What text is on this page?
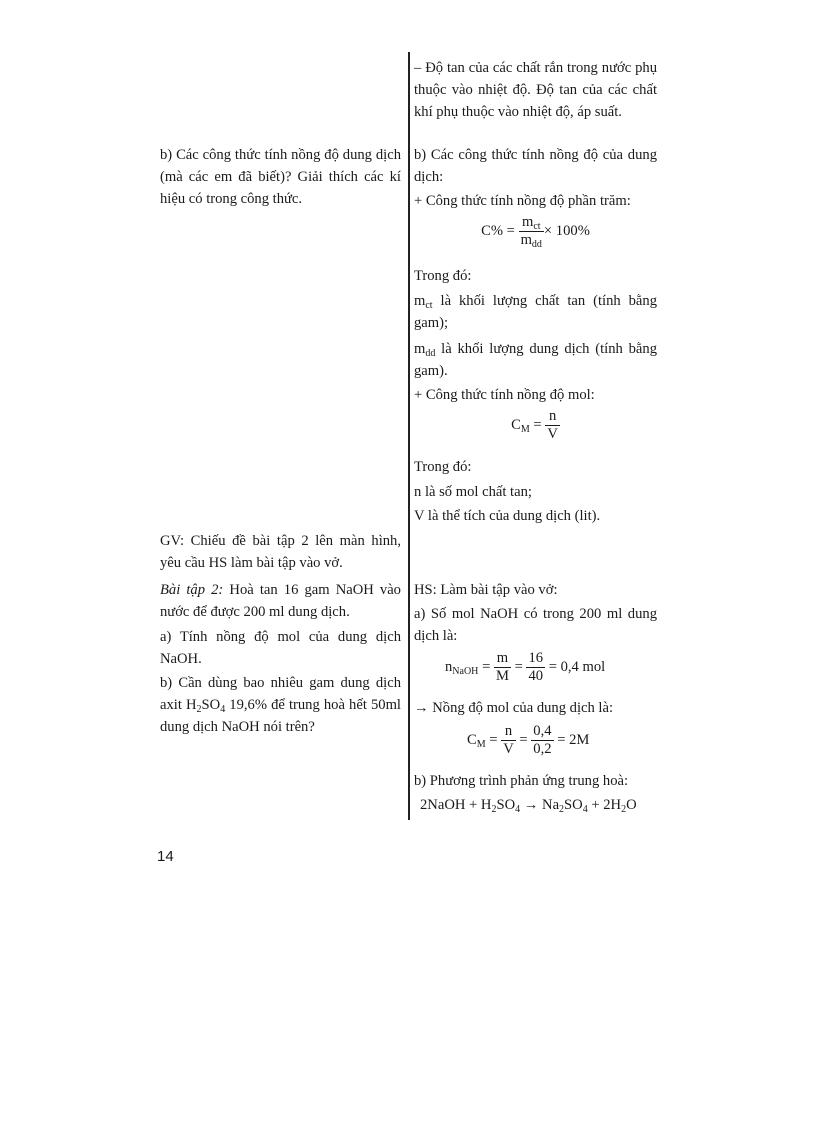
– Độ tan của các chất rắn trong nước phụ thuộc vào nhiệt độ. Độ tan của các chất khí phụ thuộc vào nhiệt độ, áp suất.

b) Các công thức tính nồng độ của dung dịch:

+ Công thức tính nồng độ phần trăm:

$C\% = \frac{m_{ct}}{m_{dd}} \times 100\%$

Trong đó:

$m_{ct}$ là khối lượng chất tan (tính bằng gam);

$m_{dd}$ là khối lượng dung dịch (tính bằng gam).

+ Công thức tính nồng độ mol:

$C_M = \frac{n}{V}$

Trong đó:

n là số mol chất tan;

V là thể tích của dung dịch (lit).

HS: Làm bài tập vào vở:

a) Số mol NaOH có trong 200 ml dung dịch là:

$n_{NaOH} = \frac{m}{M} = \frac{16}{40} = 0,4$ mol

→ Nồng độ mol của dung dịch là:

$C_M = \frac{n}{V} = \frac{0,4}{0,2} = 2M$

b) Phương trình phản ứng trung hoà:

2NaOH + $H_2SO_4 \to Na_2SO_4 + 2H_2O$

b) Các công thức tính nồng độ dung dịch (mà các em đã biết)? Giải thích các kí hiệu có trong công thức.

GV: Chiếu đề bài tập 2 lên màn hình, yêu cầu HS làm bài tập vào vở.

Bài tập 2: Hoà tan 16 gam NaOH vào nước để được 200 ml dung dịch.

a) Tính nồng độ mol của dung dịch NaOH.

b) Cần dùng bao nhiêu gam dung dịch axit $H_2SO_4$ 19,6% để trung hoà hết 50ml dung dịch NaOH nói trên?

14
